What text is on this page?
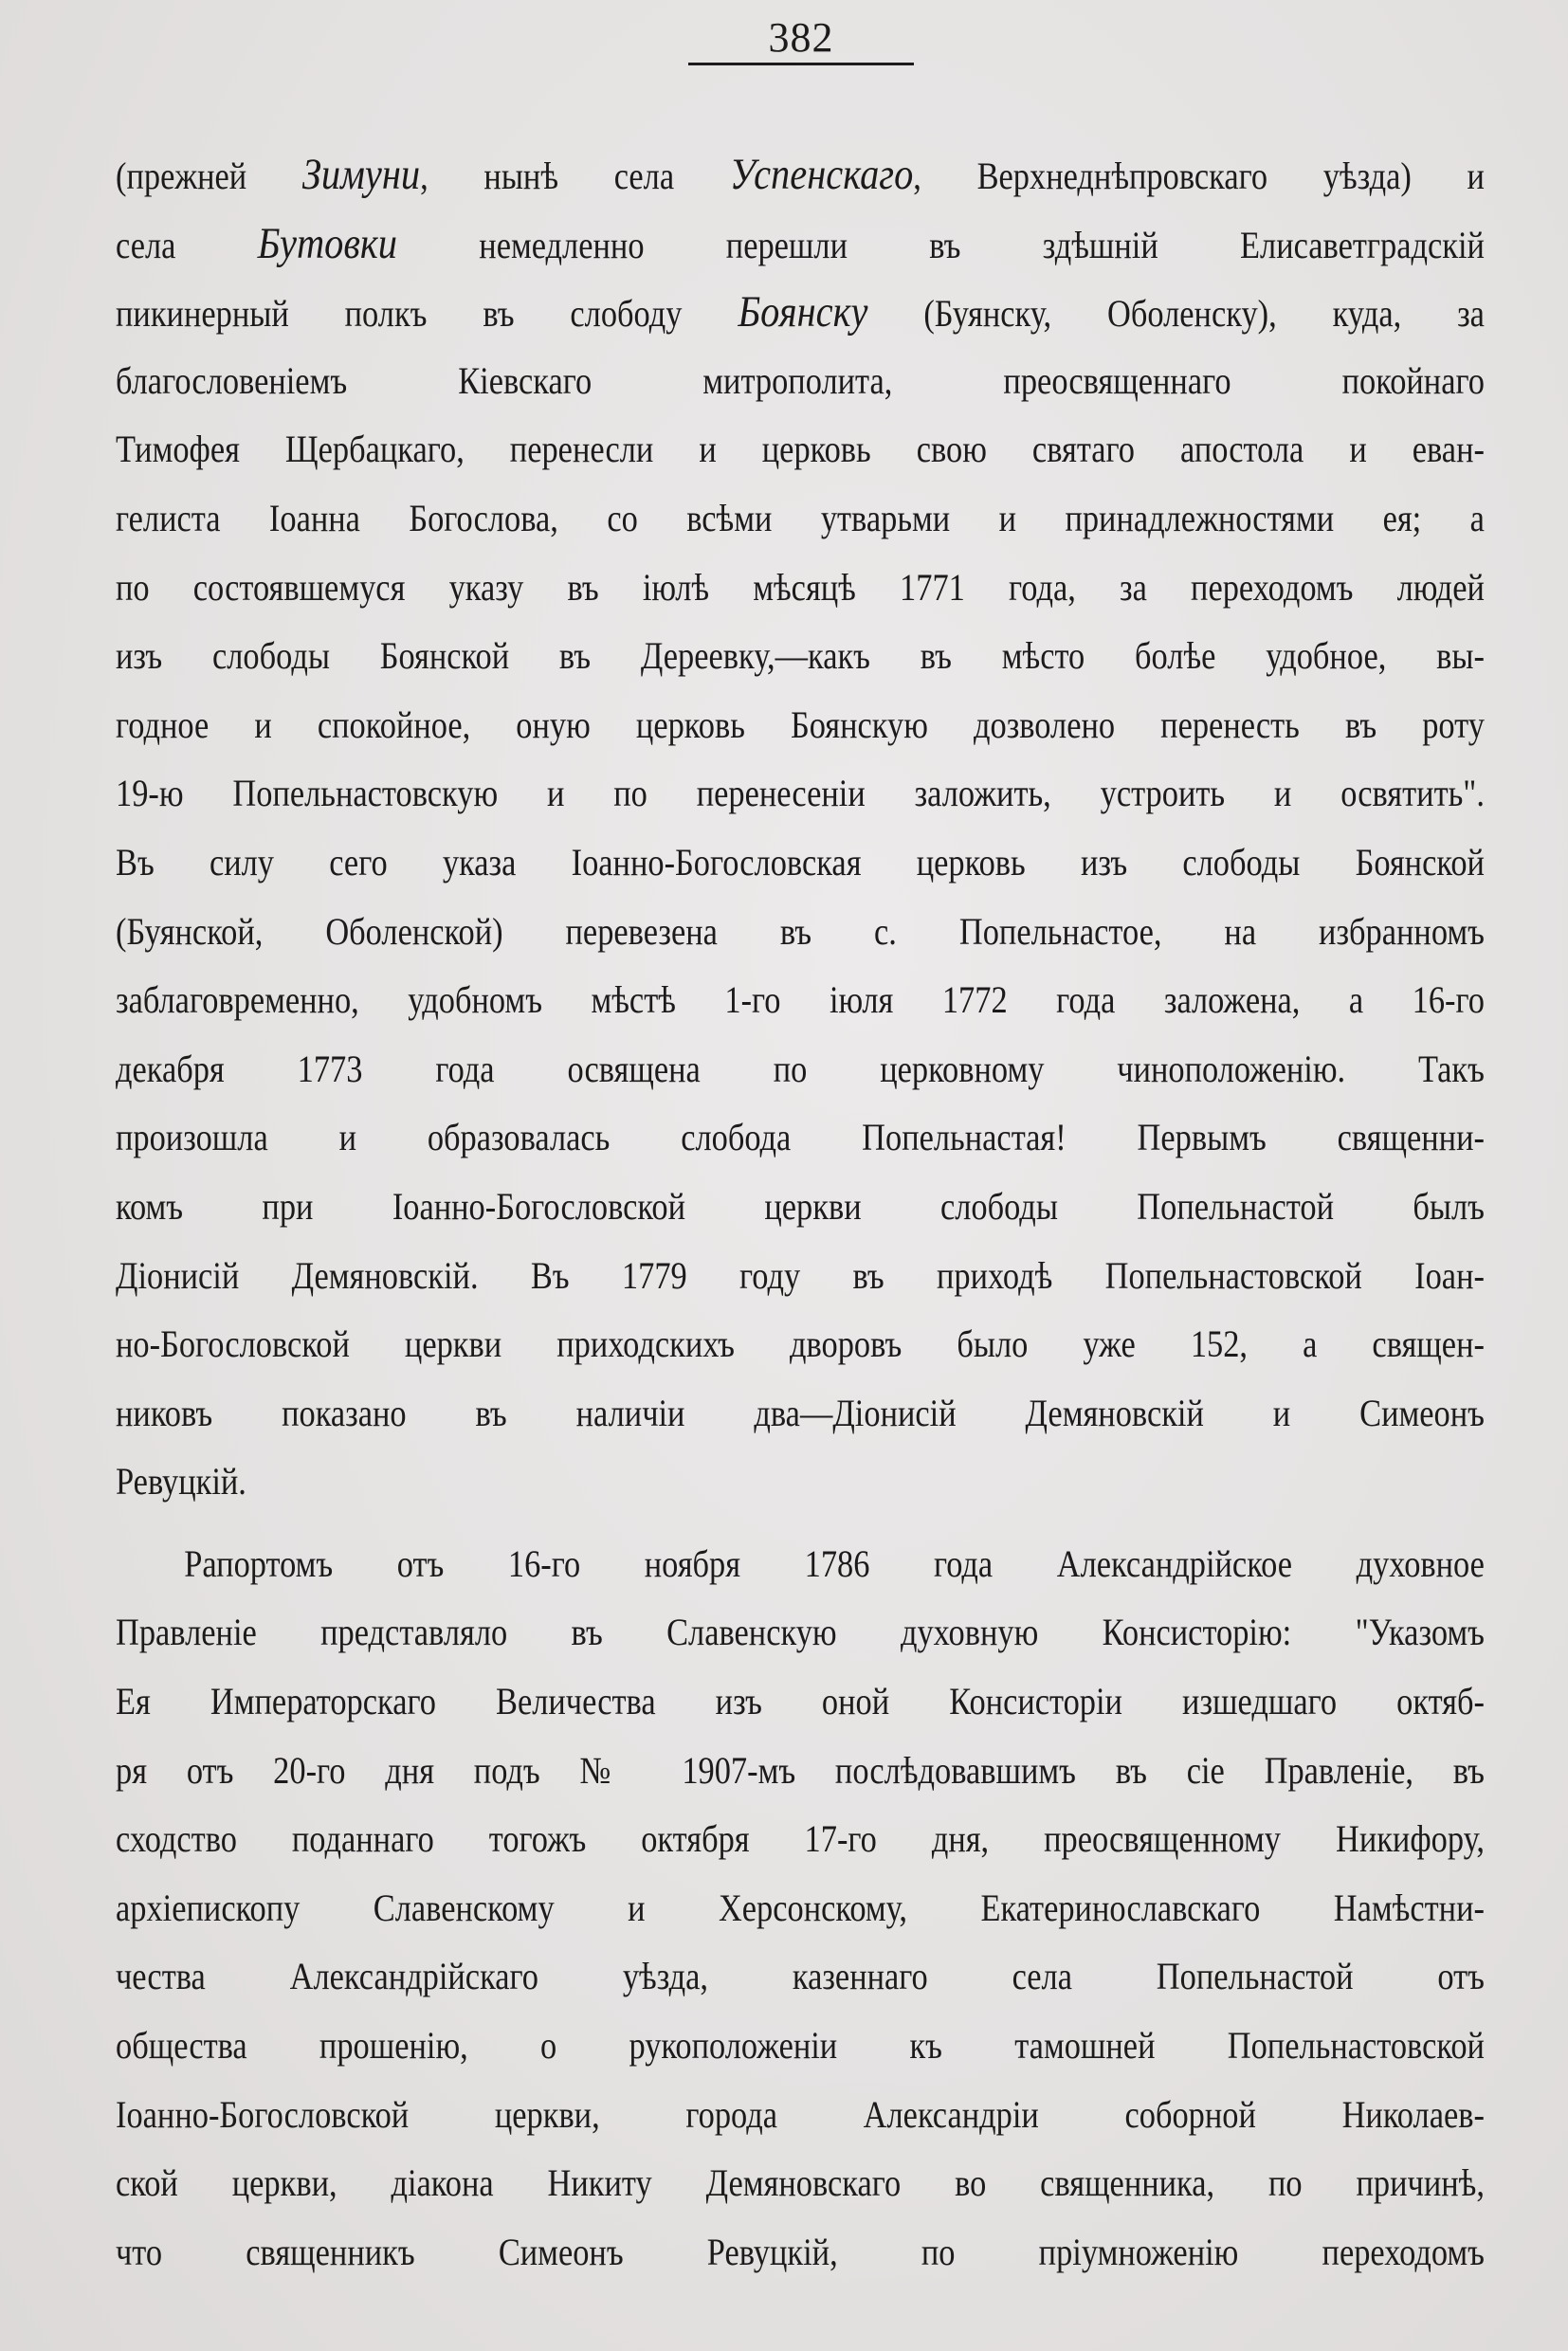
382
(прежней Зимуни, нынѣ села Успенскаго, Верхнеднѣпровскаго уѣзда) и
села Бутовки немедленно перешли въ здѣшній Елисаветградскій
пикинерный полкъ въ слободу Боянску (Буянску, Оболенску), куда, за
благословеніемъ Кіевскаго митрополита, преосвященнаго покойнаго
Тимофея Щербацкаго, перенесли и церковь свою святаго апостола и еван-
гелиста Іоанна Богослова, со всѣми утварьми и принадлежностями ея; а
по состоявшемуся указу въ іюлѣ мѣсяцѣ 1771 года, за переходомъ людей
изъ слободы Боянской въ Дереевку,—какъ въ мѣсто болѣе удобное, вы-
годное и спокойное, оную церковь Боянскую дозволено перенесть въ роту
19-ю Попельнастовскую и по перенесеніи заложить, устроить и освятить".
Въ силу сего указа Іоанно-Богословская церковь изъ слободы Боянской
(Буянской, Оболенской) перевезена въ с. Попельнастое, на избранномъ
заблаговременно, удобномъ мѣстѣ 1-го іюля 1772 года заложена, а 16-го
декабря 1773 года освящена по церковному чиноположенію. Такъ
произошла и образовалась слобода Попельнастая! Первымъ священни-
комъ при Іоанно-Богословской церкви слободы Попельнастой былъ
Діонисій Демяновскій. Въ 1779 году въ приходѣ Попельнастовской Іоан-
но-Богословской церкви приходскихъ дворовъ было уже 152, а священ-
никовъ показано въ наличіи два—Діонисій Демяновскій и Симеонъ
Ревуцкій.
Рапортомъ отъ 16-го ноября 1786 года Александрійское духовное
Правленіе представляло въ Славенскую духовную Консисторію: "Указомъ
Ея Императорскаго Величества изъ оной Консисторіи изшедшаго октяб-
ря отъ 20-го дня подъ № 1907-мъ послѣдовавшимъ въ сіе Правленіе, въ
сходство поданнаго тогожъ октября 17-го дня, преосвященному Никифору,
архіепископу Славенскому и Херсонскому, Екатеринославскаго Намѣстни-
чества Александрійскаго уѣзда, казеннаго села Попельнастой отъ
общества прошенію, о рукоположеніи къ тамошней Попельнастовской
Іоанно-Богословской церкви, города Александріи соборной Николаев-
ской церкви, діакона Никиту Демяновскаго во священника, по причинѣ,
что священникъ Симеонъ Ревуцкій, по пріумноженію переходомъ
